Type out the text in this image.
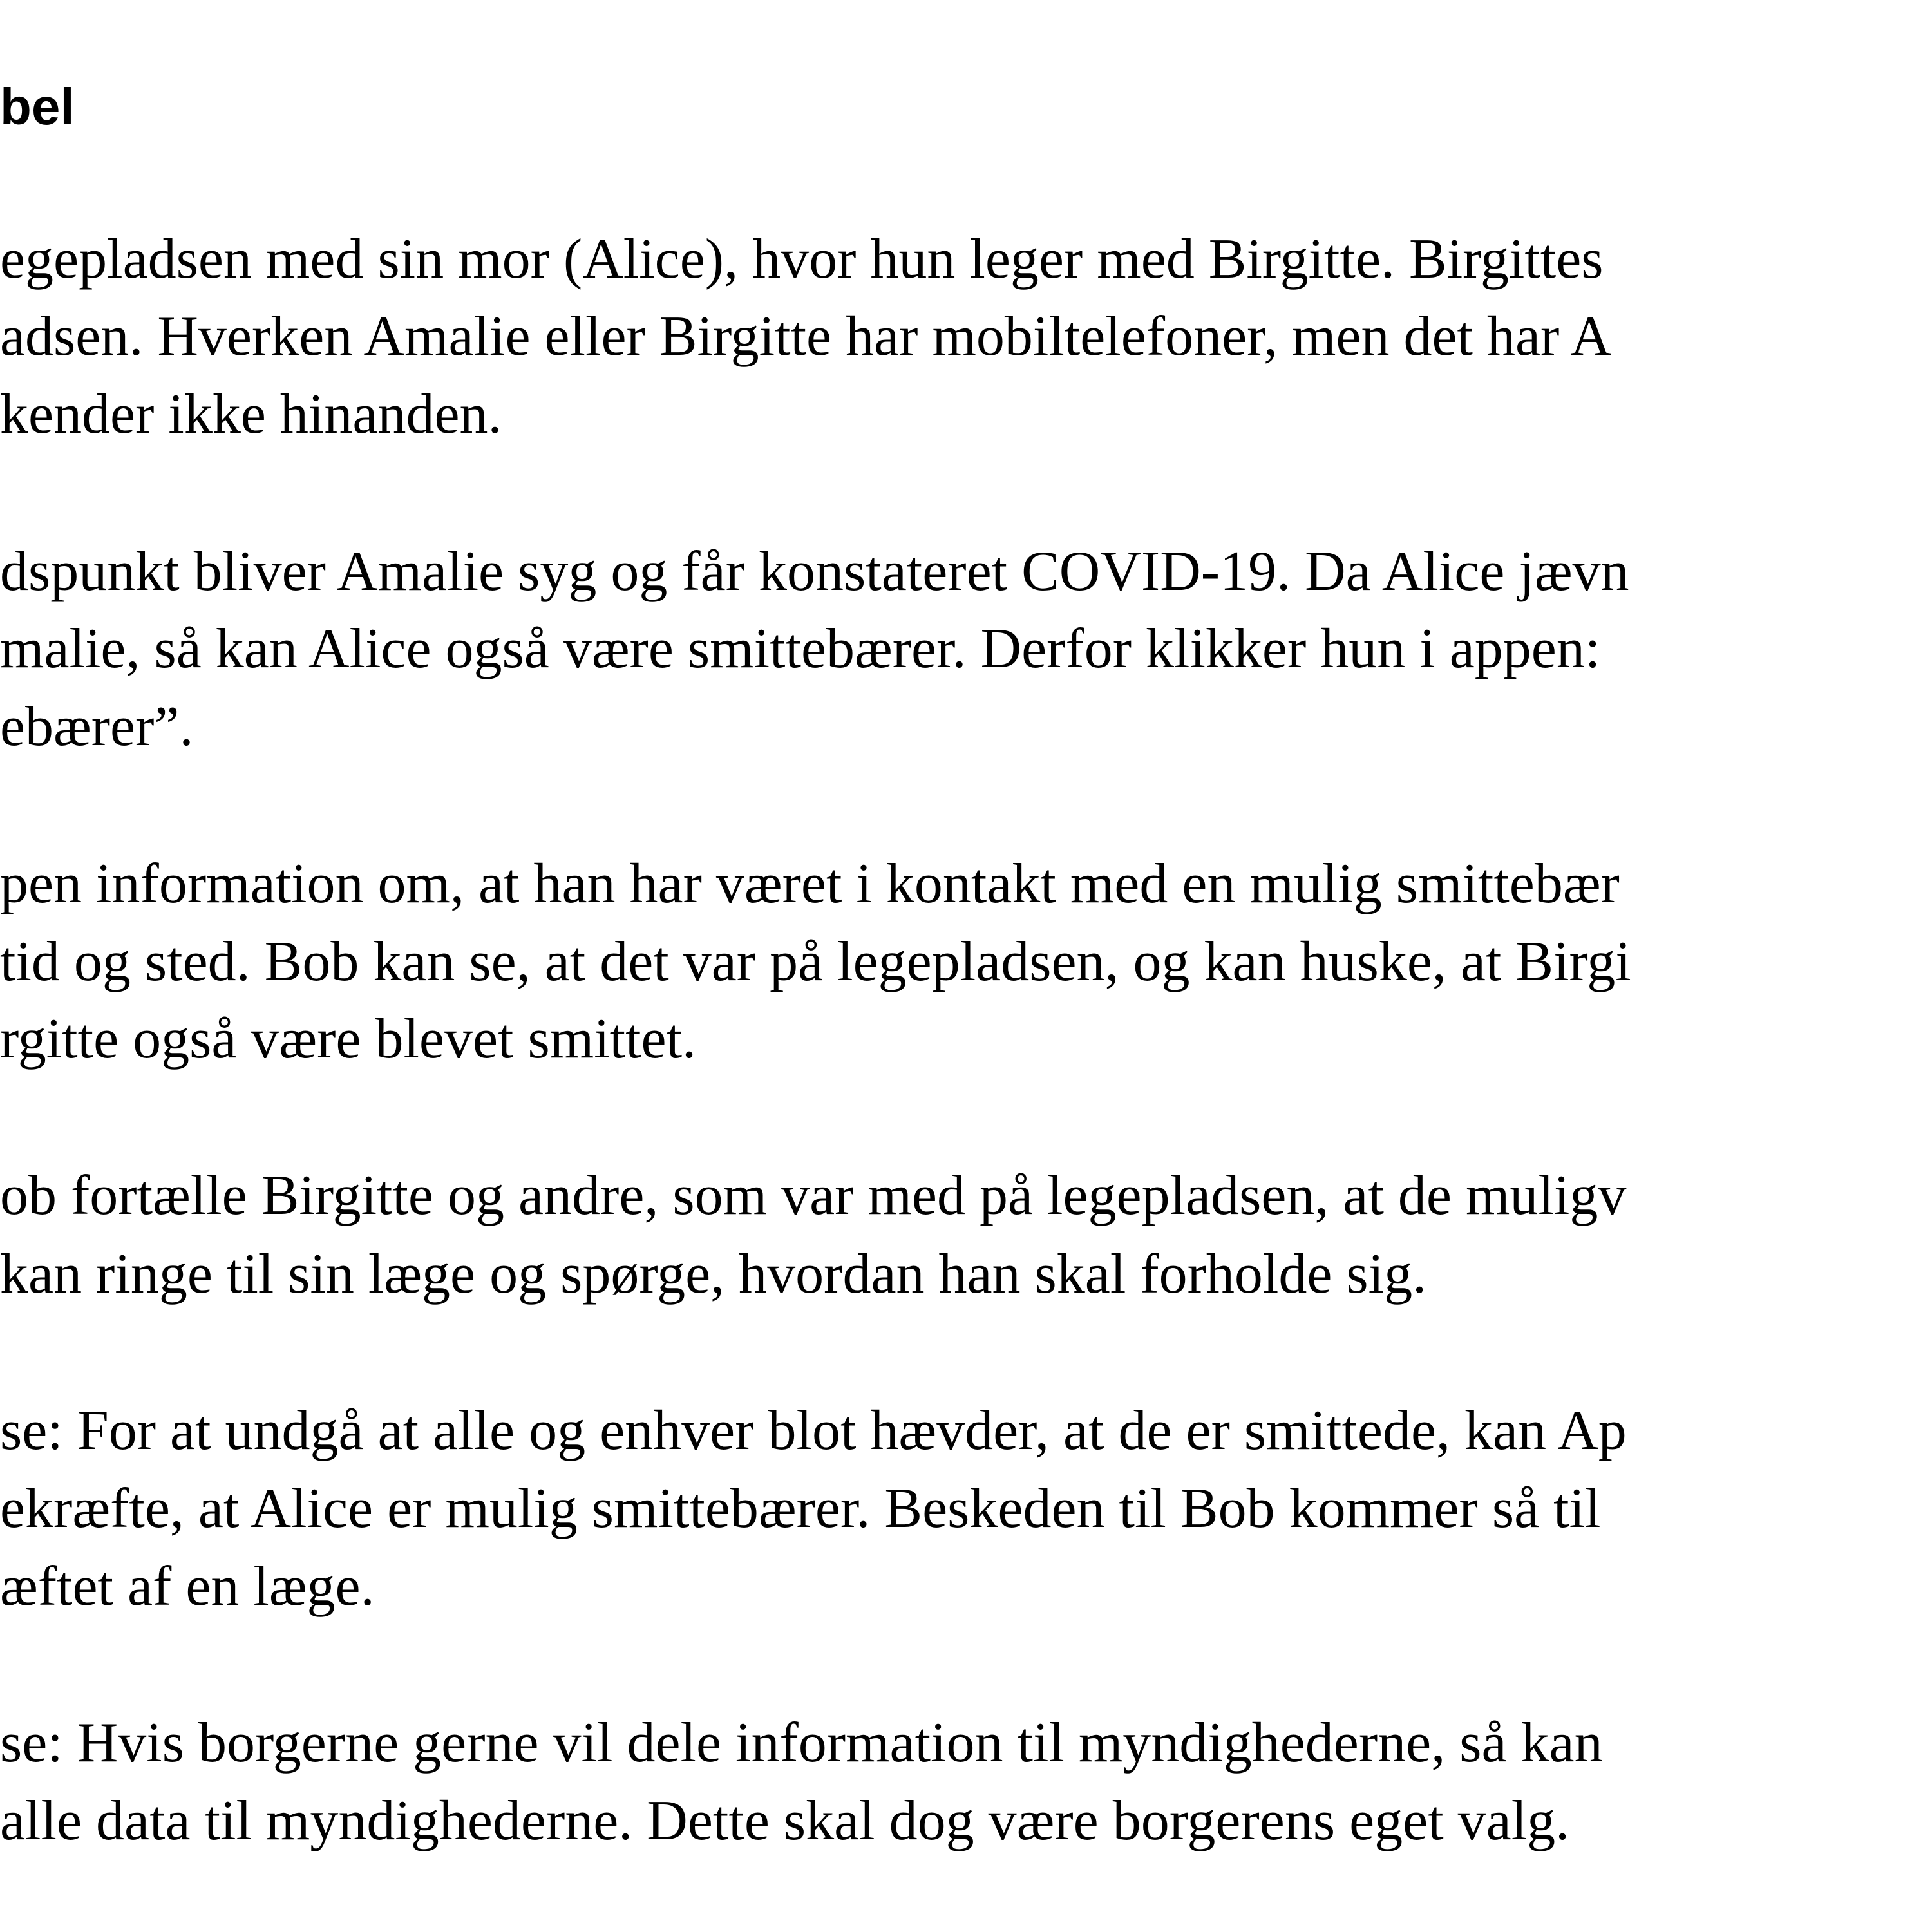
bel

egepladsen med sin mor (Alice), hvor hun leger med Birgitte. Birgittes

adsen. Hverken Amalie eller Birgitte har mobiltelefoner, men det har A

kender ikke hinanden.

dspunkt bliver Amalie syg og får konstateret COVID-19. Da Alice jævn

malie, så kan Alice også være smittebærer. Derfor klikker hun i appen:

ebærer”.

pen information om, at han har været i kontakt med en mulig smittebær

tid og sted. Bob kan se, at det var på legepladsen, og kan huske, at Birgi

rgitte også være blevet smittet.

ob fortælle Birgitte og andre, som var med på legepladsen, at de muligv

kan ringe til sin læge og spørge, hvordan han skal forholde sig.

se: For at undgå at alle og enhver blot hævder, at de er smittede, kan Ap

ekræfte, at Alice er mulig smittebærer. Beskeden til Bob kommer så til

æftet af en læge.

se: Hvis borgerne gerne vil dele information til myndighederne, så kan

alle data til myndighederne. Dette skal dog være borgerens eget valg.
